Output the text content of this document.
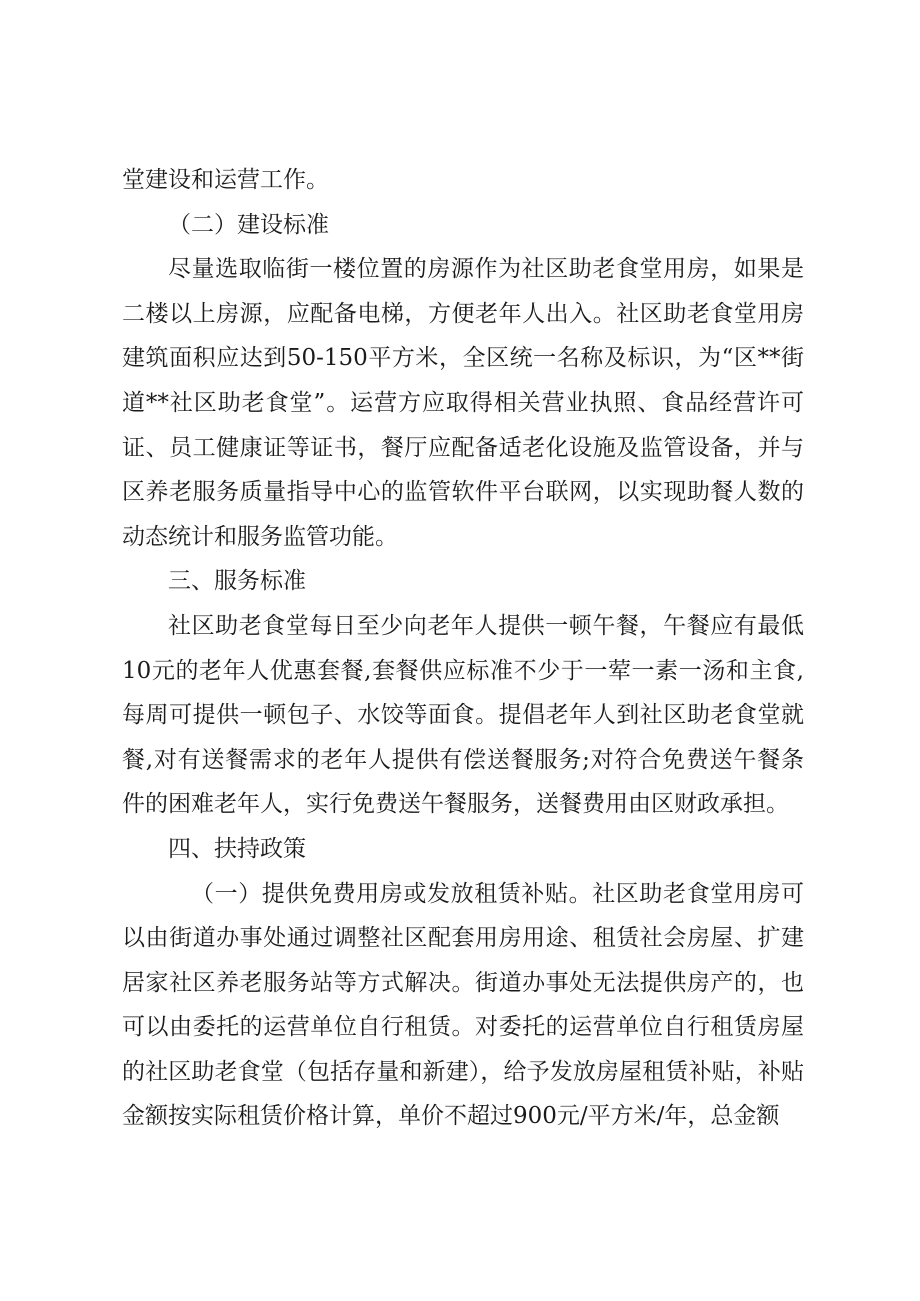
堂建设和运营工作。

（二）建设标准

尽量选取临街一楼位置的房源作为社区助老食堂用房，如果是二楼以上房源，应配备电梯，方便老年人出入。社区助老食堂用房建筑面积应达到50-150平方米，全区统一名称及标识，为“区**街道**社区助老食堂”。运营方应取得相关营业执照、食品经营许可证、员工健康证等证书，餐厅应配备适老化设施及监管设备，并与区养老服务质量指导中心的监管软件平台联网，以实现助餐人数的动态统计和服务监管功能。

三、服务标准

社区助老食堂每日至少向老年人提供一顿午餐，午餐应有最低10元的老年人优惠套餐,套餐供应标准不少于一荤一素一汤和主食,每周可提供一顿包子、水饺等面食。提倡老年人到社区助老食堂就餐,对有送餐需求的老年人提供有偿送餐服务;对符合免费送午餐条件的困难老年人，实行免费送午餐服务，送餐费用由区财政承担。

四、扶持政策

（一）提供免费用房或发放租赁补贴。社区助老食堂用房可以由街道办事处通过调整社区配套用房用途、租赁社会房屋、扩建居家社区养老服务站等方式解决。街道办事处无法提供房产的，也可以由委托的运营单位自行租赁。对委托的运营单位自行租赁房屋的社区助老食堂（包括存量和新建），给予发放房屋租赁补贴，补贴金额按实际租赁价格计算，单价不超过900元/平方米/年，总金额
